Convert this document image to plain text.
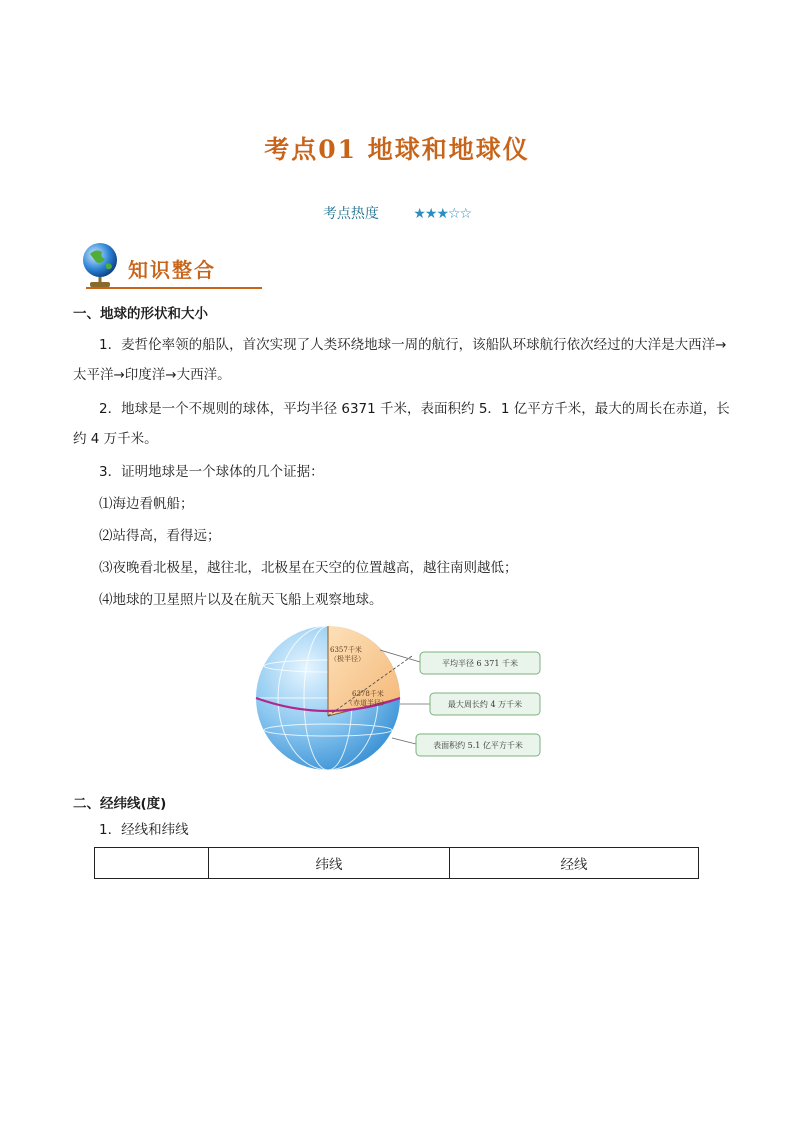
考点01 地球和地球仪
考点热度 ★★★☆☆
知识整合
一、地球的形状和大小
1．麦哲伦率领的船队，首次实现了人类环绕地球一周的航行，该船队环球航行依次经过的大洋是大西洋→太平洋→印度洋→大西洋。
2．地球是一个不规则的球体，平均半径 6371 千米，表面积约 5．1 亿平方千米，最大的周长在赤道，长约 4 万千米。
3．证明地球是一个球体的几个证据：
⑴海边看帆船；
⑵站得高，看得远；
⑶夜晚看北极星，越往北，北极星在天空的位置越高，越往南则越低；
⑷地球的卫星照片以及在航天飞船上观察地球。
6357千米
（极半径）
6378千米
（赤道半径）
平均半径 6 371 千米
最大周长约 4 万千米
表面积约 5.1 亿平方千米
二、经纬线(度)
1．经线和纬线
	纬线	经线
